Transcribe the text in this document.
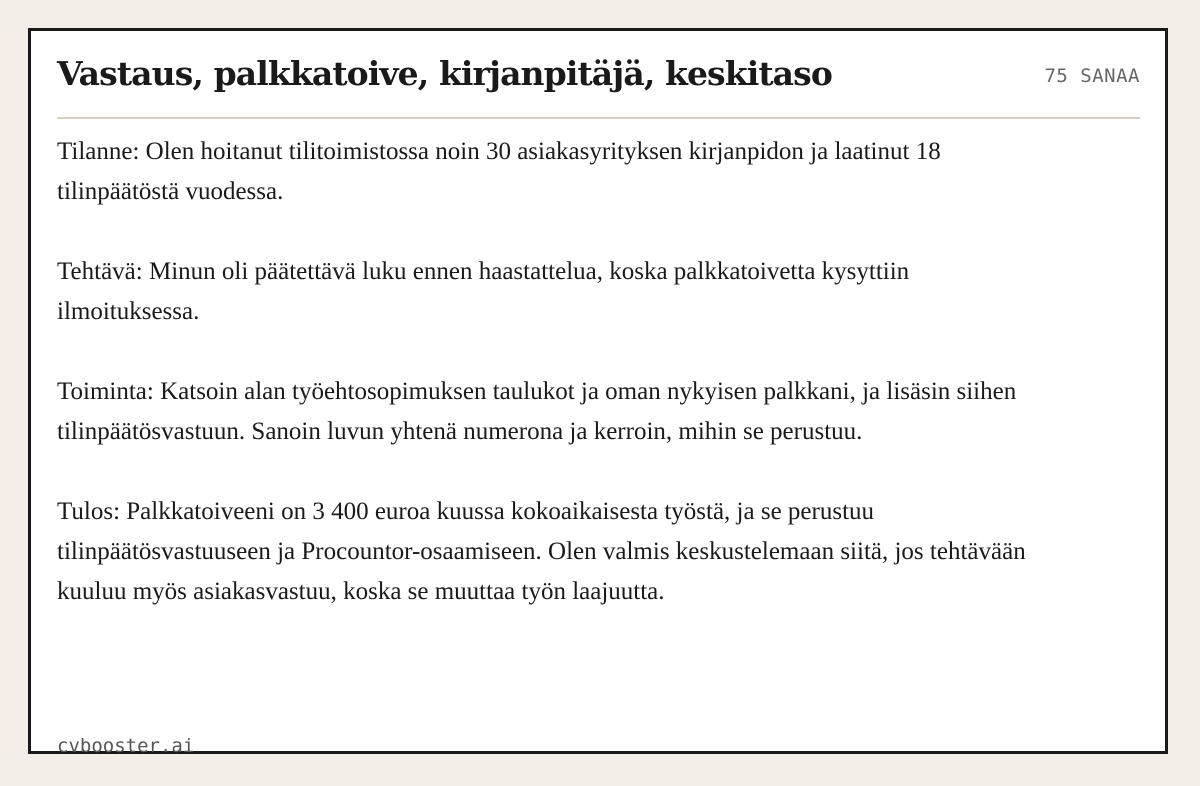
Vastaus, palkkatoive, kirjanpitäjä, keskitaso	75 SANAA

Tilanne: Olen hoitanut tilitoimistossa noin 30 asiakasyrityksen kirjanpidon ja laatinut 18 tilinpäätöstä vuodessa.

Tehtävä: Minun oli päätettävä luku ennen haastattelua, koska palkkatoivetta kysyttiin ilmoituksessa.

Toiminta: Katsoin alan työehtosopimuksen taulukot ja oman nykyisen palkkani, ja lisäsin siihen tilinpäätösvastuun. Sanoin luvun yhtenä numerona ja kerroin, mihin se perustuu.

Tulos: Palkkatoiveeni on 3 400 euroa kuussa kokoaikaisesta työstä, ja se perustuu tilinpäätösvastuuseen ja Procountor-osaamiseen. Olen valmis keskustelemaan siitä, jos tehtävään kuuluu myös asiakasvastuu, koska se muuttaa työn laajuutta.

cvbooster.ai
